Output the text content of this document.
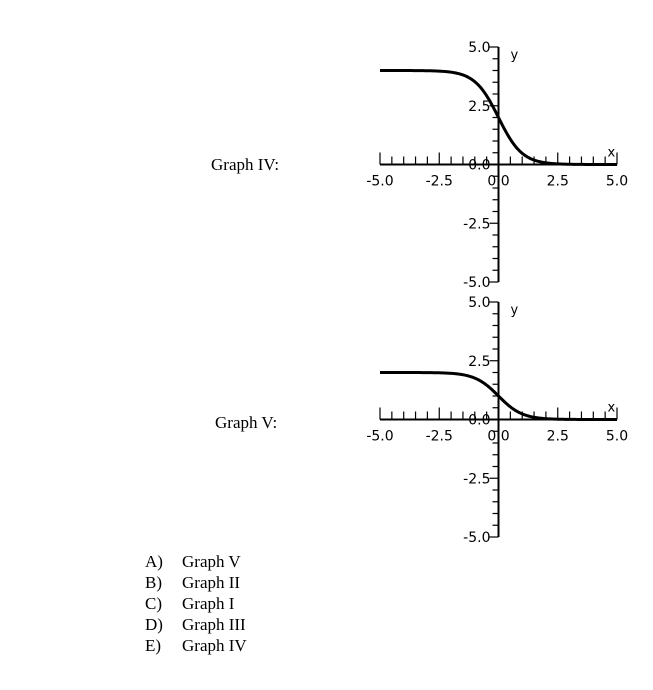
Graph IV:
-5.0 -2.5 0.0	2.5	5.0
5.0
2.5
0.0
-2.5
-5.0
x
y
Graph V:
-5.0 -2.5 0.0	2.5	5.0
5.0
2.5
0.0
-2.5
-5.0
x
y
A)	Graph V
B)	Graph II
C)	Graph I
D)	Graph III
E)	Graph IV
